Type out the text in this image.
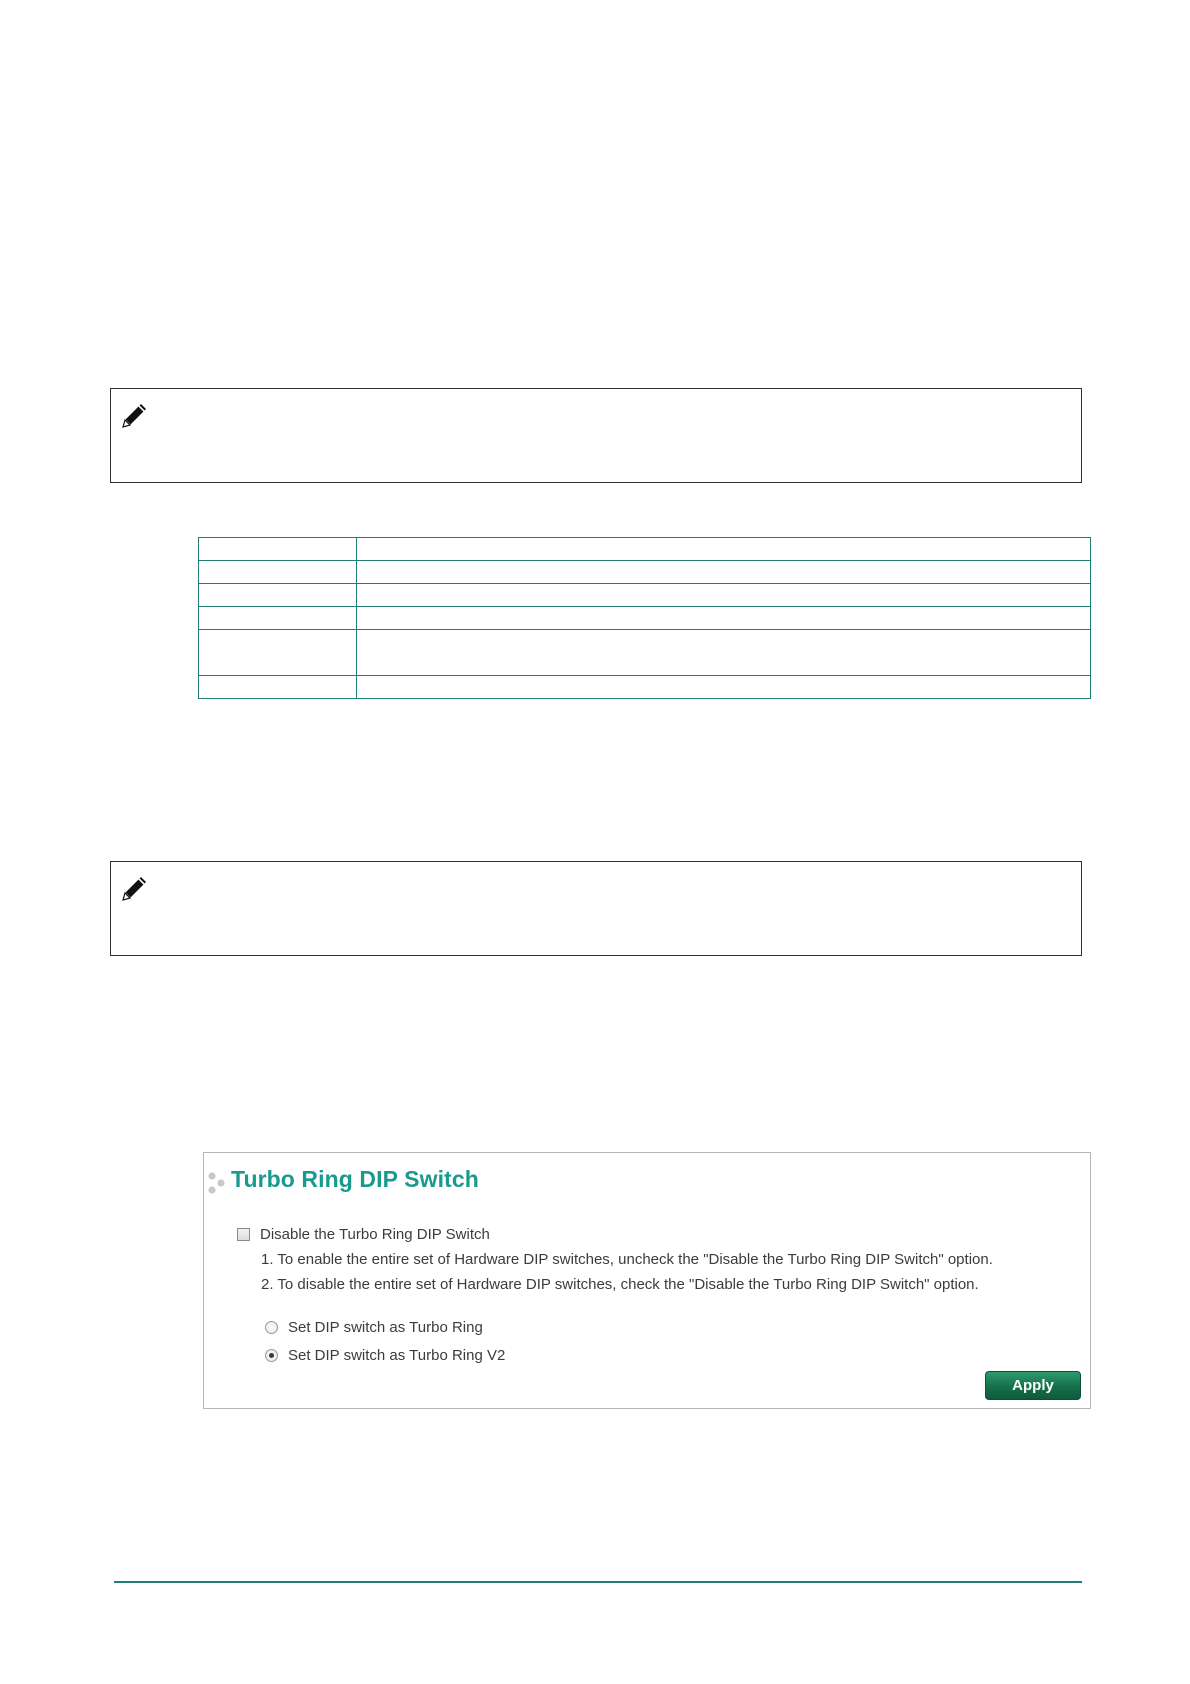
Turbo Ring DIP Switch
Disable the Turbo Ring DIP Switch
1. To enable the entire set of Hardware DIP switches, uncheck the "Disable the Turbo Ring DIP Switch" option.
2. To disable the entire set of Hardware DIP switches, check the "Disable the Turbo Ring DIP Switch" option.
Set DIP switch as Turbo Ring
Set DIP switch as Turbo Ring V2
Apply
